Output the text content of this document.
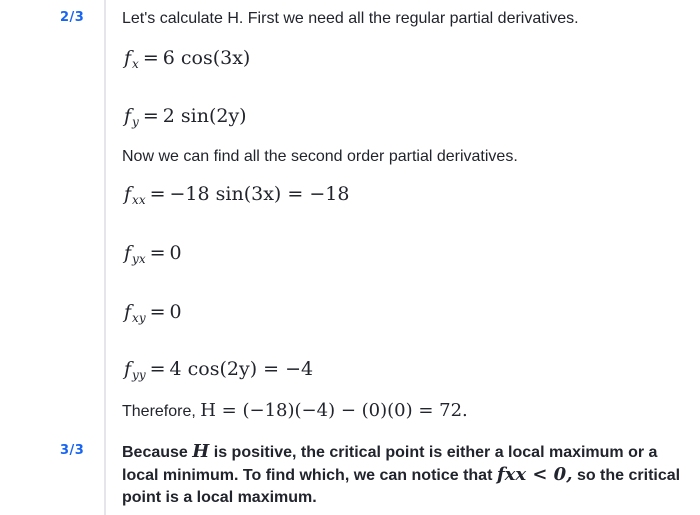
2/3	Let's calculate H. First we need all the regular partial derivatives.
$f_x = 6$ cos(3x)
$f_y = 2$ sin(2y)
Now we can find all the second order partial derivatives.
$f_{xx} = -18$ sin(3x) = −18
$f_{yx} = 0$
$f_{xy} = 0$
$f_{yy} = 4$ cos(2y) = −4
Therefore, H = (−18)(−4) − (0)(0) = 72.
3/3	Because H is positive, the critical point is either a local maximum or a local minimum. To find which, we can notice that fxx < 0, so the critical point is a local maximum.
